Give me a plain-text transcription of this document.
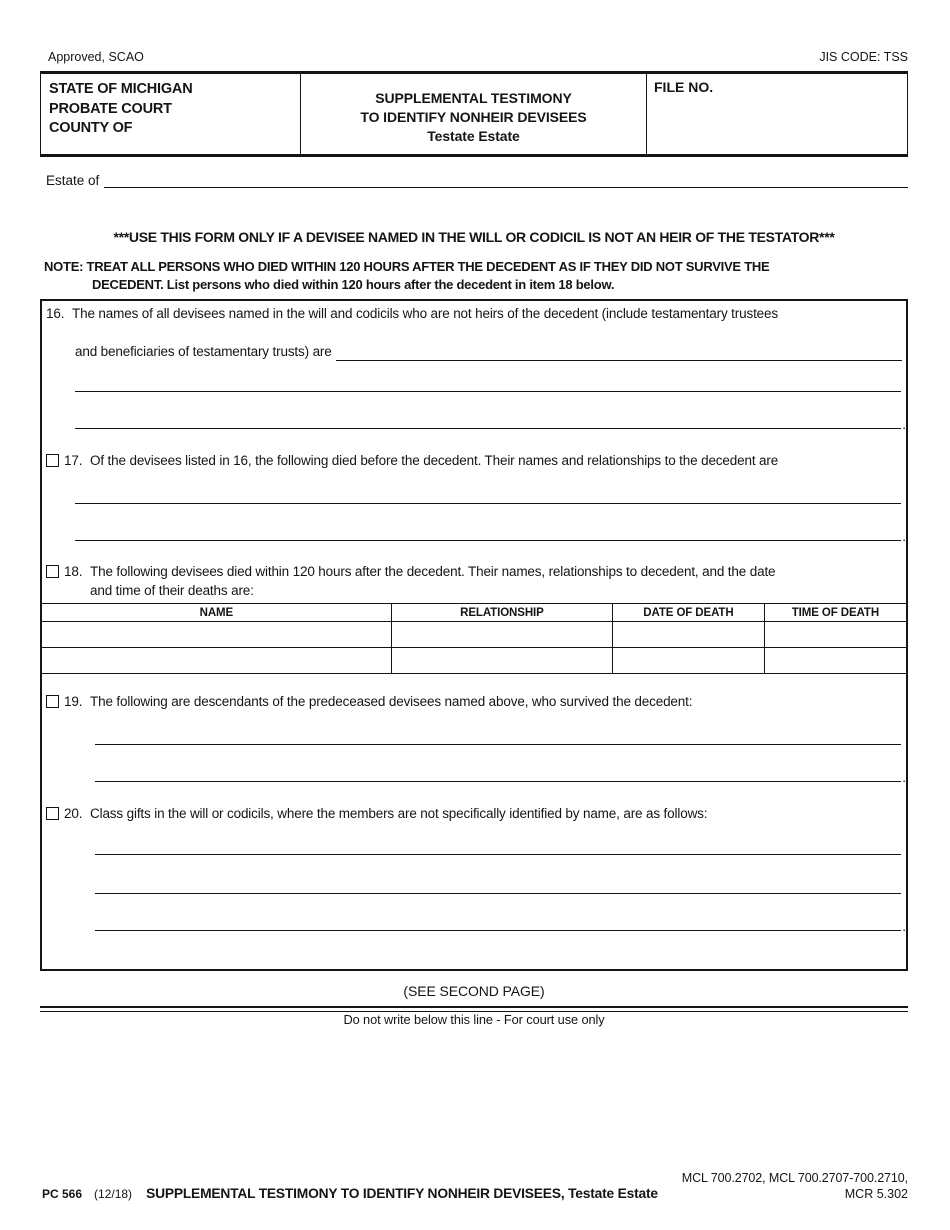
Approved, SCAO	JIS CODE: TSS
STATE OF MICHIGAN
PROBATE COURT
COUNTY OF
SUPPLEMENTAL TESTIMONY
TO IDENTIFY NONHEIR DEVISEES
Testate Estate
FILE NO.
Estate of
***USE THIS FORM ONLY IF A DEVISEE NAMED IN THE WILL OR CODICIL IS NOT AN HEIR OF THE TESTATOR***
NOTE: TREAT ALL PERSONS WHO DIED WITHIN 120 HOURS AFTER THE DECEDENT AS IF THEY DID NOT SURVIVE THE
DECEDENT. List persons who died within 120 hours after the decedent in item 18 below.
16. The names of all devisees named in the will and codicils who are not heirs of the decedent (include testamentary trustees
and beneficiaries of testamentary trusts) are
.
17. Of the devisees listed in 16, the following died before the decedent. Their names and relationships to the decedent are
.
18. The following devisees died within 120 hours after the decedent. Their names, relationships to decedent, and the date
and time of their deaths are:
NAME	RELATIONSHIP	DATE OF DEATH	TIME OF DEATH

19. The following are descendants of the predeceased devisees named above, who survived the decedent:
.
20. Class gifts in the will or codicils, where the members are not specifically identified by name, are as follows:
.
(SEE SECOND PAGE)
Do not write below this line - For court use only
MCL 700.2702, MCL 700.2707-700.2710,
PC 566 (12/18) SUPPLEMENTAL TESTIMONY TO IDENTIFY NONHEIR DEVISEES, Testate Estate	MCR 5.302
